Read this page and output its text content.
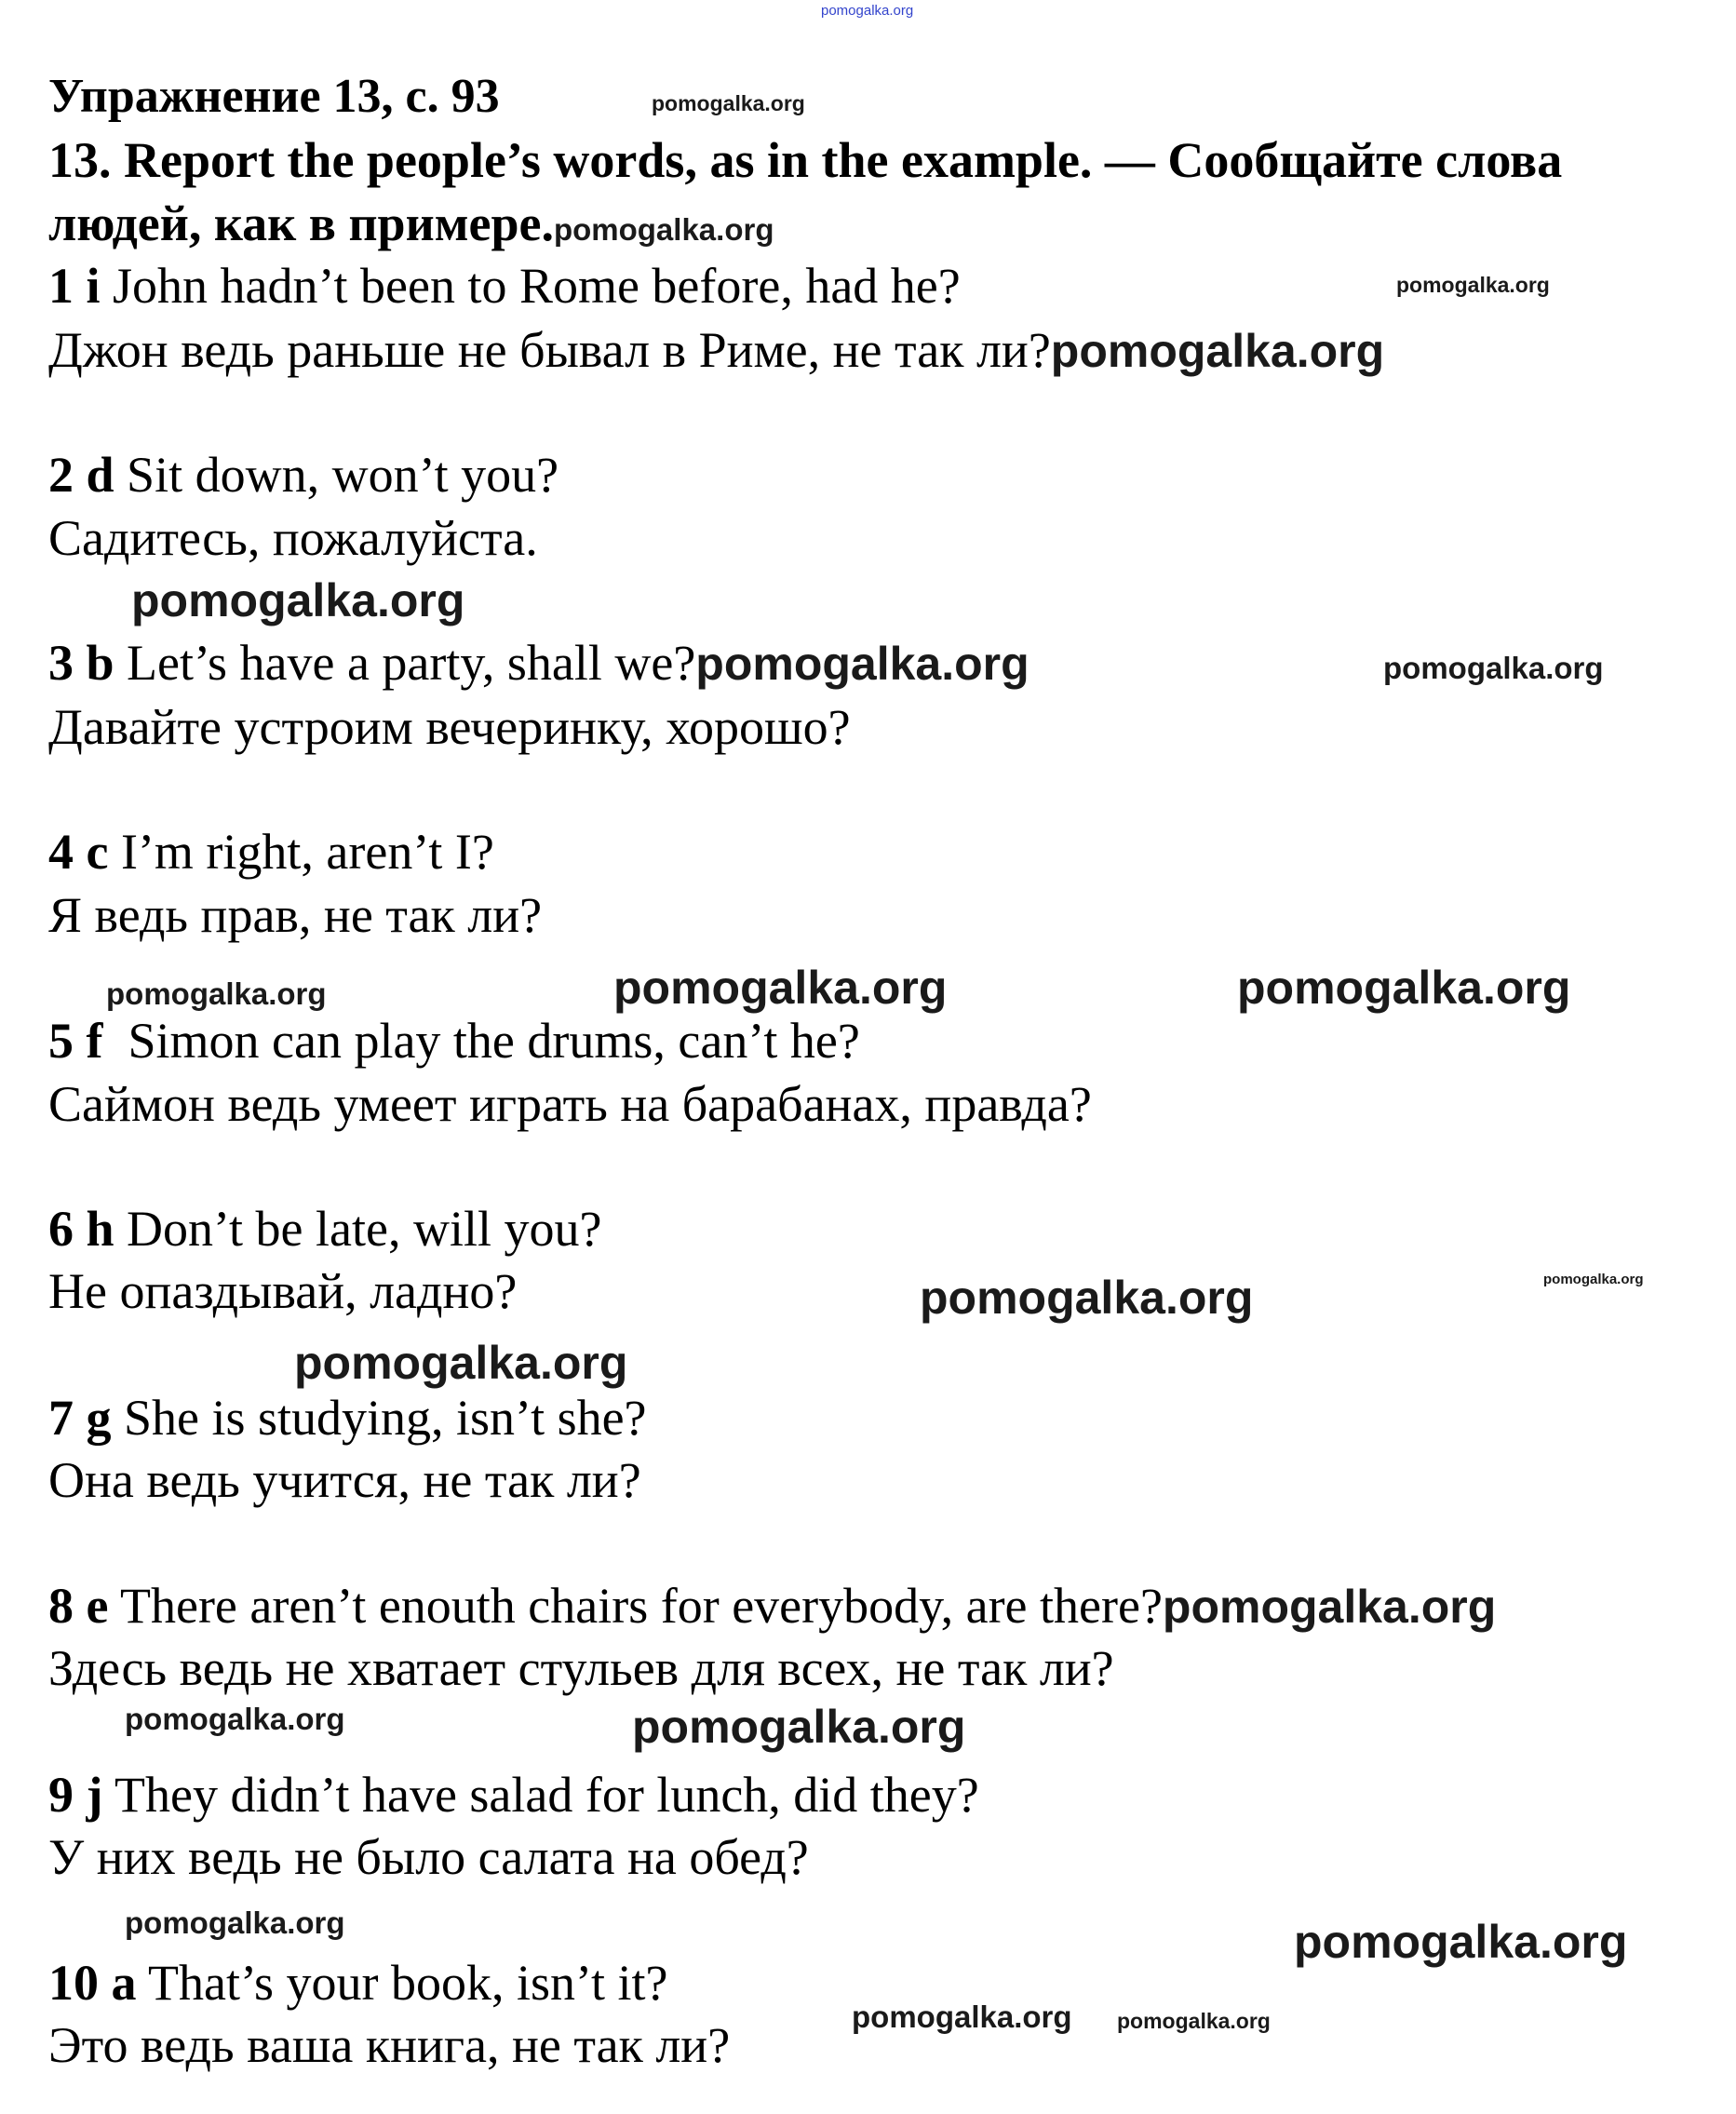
pomogalka.org
Упражнение 13, с. 93
13. Report the people’s words, as in the example. — Сообщайте слова
людей, как в примере.pomogalka.org
1 i John hadn’t been to Rome before, had he?
Джон ведь раньше не бывал в Риме, не так ли?pomogalka.org
2 d Sit down, won’t you?
Садитесь, пожалуйста.
3 b Let’s have a party, shall we?pomogalka.org
Давайте устроим вечеринку, хорошо?
4 c I’m right, aren’t I?
Я ведь прав, не так ли?
5 f  Simon can play the drums, can’t he?
Саймон ведь умеет играть на барабанах, правда?
6 h Don’t be late, will you?
Не опаздывай, ладно?
7 g She is studying, isn’t she?
Она ведь учится, не так ли?
8 e There aren’t enouth chairs for everybody, are there?pomogalka.org
Здесь ведь не хватает стульев для всех, не так ли?
9 j They didn’t have salad for lunch, did they?
У них ведь не было салата на обед?
10 a That’s your book, isn’t it?
Это ведь ваша книга, не так ли?
pomogalka.org
pomogalka.org
pomogalka.org
pomogalka.org
pomogalka.org	pomogalka.org	pomogalka.org
pomogalka.org	pomogalka.org
pomogalka.org
pomogalka.org	pomogalka.org
pomogalka.org	pomogalka.org
pomogalka.org
pomogalka.org
